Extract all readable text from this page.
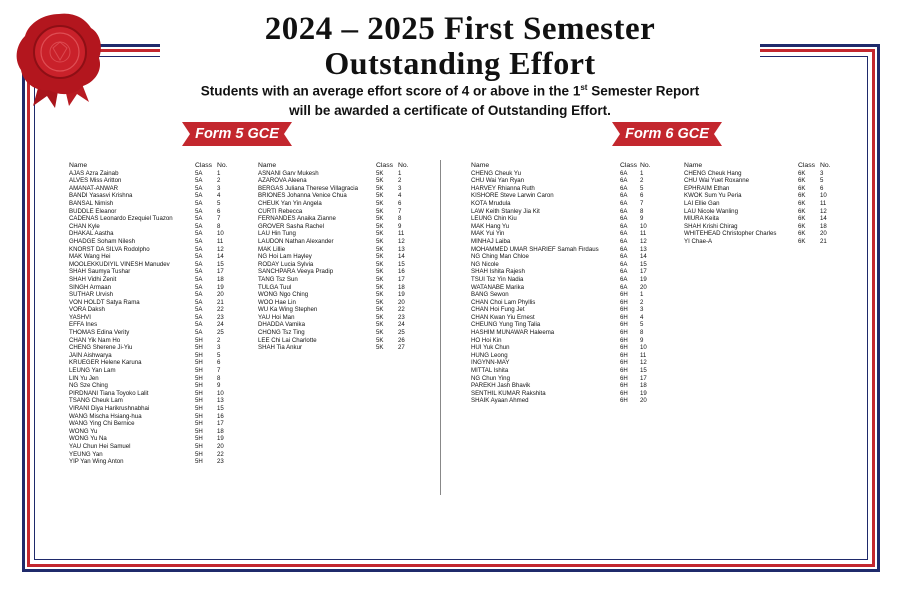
2024 – 2025 First Semester
Outstanding Effort
Students with an average effort score of 4 or above in the 1st Semester Report
will be awarded a certificate of Outstanding Effort.
Form 5 GCE	Form 6 GCE
Name	Class No.
AJAS Azra Zainab	5A	1
ALVES Miss Aritton	5A	2
AMANAT-ANWAR	5A	3
BANDI Yasasvi Krishna	5A	4
BANSAL Nimish	5A	5
BUDDLE Eleanor	5A	6
CADENAS Leonardo Ezequiel Tuazon	5A	7
CHAN Kyle	5A	8
DHAKAL Aastha	5A	10
GHADGE Soham Nilesh	5A	11
KNORST DA SILVA Rodolpho	5A	12
MAK Wang Hei	5A	14
MOOLEKKUDIYIL VINESH Manudev	5A	15
SHAH Saumya Tushar	5A	17
SHAH Vidhi Zenit	5A	18
SINGH Armaan	5A	19
SUTHAR Urvish	5A	20
VON HOLDT Satya Rama	5A	21
VORA Daksh	5A	22
YASHVI	5A	23
EFFA Ines	5A	24
THOMAS Edina Verity	5A	25
CHAN Yik Nam Ho	5H	2
CHENG Sherene Ji-Yiu	5H	3
JAIN Aishwarya	5H	5
KRUEGER Helene Karuna	5H	6
LEUNG Yan Lam	5H	7
LIN Yu Jen	5H	8
NG Sze Ching	5H	9
PIRDNANI Tiana Toyoko Lalit	5H	10
TSANG Cheuk Lam	5H	13
VIRANI Diya Harikrushnabhai	5H	15
WANG Mischa Hsiang-hua	5H	16
WANG Ying Chi Bernice	5H	17
WONG Yu	5H	18
WONG Yu Na	5H	19
YAU Chun Hei Samuel	5H	20
YEUNG Yan	5H	22
YIP Yan Wing Anton	5H	23
Name	Class No.
ASNANI Garv Mukesh	5K	1
AZAROVA Aleena	5K	2
BERGAS Juliana Therese Villagracia	5K	3
BRIONES Johanna Venice Chua	5K	4
CHEUK Yan Yin Angela	5K	6
CURTI Rebecca	5K	7
FERNANDES Anaika Zianne	5K	8
GROVER Sasha Rachel	5K	9
LAU Hin Tung	5K	11
LAUDON Nathan Alexander	5K	12
MAK Lillie	5K	13
NG Hoi Lam Hayley	5K	14
RODAY Lucia Sylvia	5K	15
SANCHPARA Veeya Pradip	5K	16
TANG Tsz Sun	5K	17
TULGA Tuul	5K	18
WONG Ngo Ching	5K	19
WOO Hae Lin	5K	20
WU Ka Wing Stephen	5K	22
YAU Hoi Man	5K	23
DHADDA Vamika	5K	24
CHONG Tsz Ting	5K	25
LEE Chi Lai Charlotte	5K	26
SHAH Tia Ankur	5K	27
Name	Class No.
CHENG Cheuk Yu	6A	1
CHU Wai Yan Ryan	6A	2
HARVEY Rhianna Ruth	6A	5
KISHORE Steve Larwin Caron	6A	6
KOTA Mrudula	6A	7
LAW Keith Stanley Jia Kit	6A	8
LEUNG Chin Kiu	6A	9
MAK Hang Yu	6A	10
MAK Yui Yin	6A	11
MINHAJ Laiba	6A	12
MOHAMMED UMAR SHARIEF Samah Firdaus	6A	13
NG Ching Man Chloe	6A	14
NG Nicole	6A	15
SHAH Ishita Rajesh	6A	17
TSUI Tsz Yin Nadia	6A	19
WATANABE Marika	6A	20
BANG Sewon	6H	1
CHAN Choi Lam Phyllis	6H	2
CHAN Hoi Fung Jet	6H	3
CHAN Kwan Yiu Ernest	6H	4
CHEUNG Yung Ting Talia	6H	5
HASHIM MUNAWAR Haleema	6H	8
HO Hoi Kin	6H	9
HUI Yuk Chun	6H	10
HUNG Leong	6H	11
INGYNN-MAY	6H	12
MITTAL Ishita	6H	15
NG Chun Ying	6H	17
PAREKH Jash Bhavik	6H	18
SENTHIL KUMAR Rakshita	6H	19
SHAIK Ayaan Ahmed	6H	20
Name	Class No.
CHENG Cheuk Hang	6K	3
CHU Wai Yuet Roxanne	6K	5
EPHRAIM Ethan	6K	6
KWOK Sum Yu Peria	6K	10
LAI Ellie Gan	6K	11
LAU Nicole Wanling	6K	12
MIURA Keita	6K	14
SHAH Krishi Chirag	6K	18
WHITEHEAD Christopher Charles	6K	20
YI Chae-A	6K	21
